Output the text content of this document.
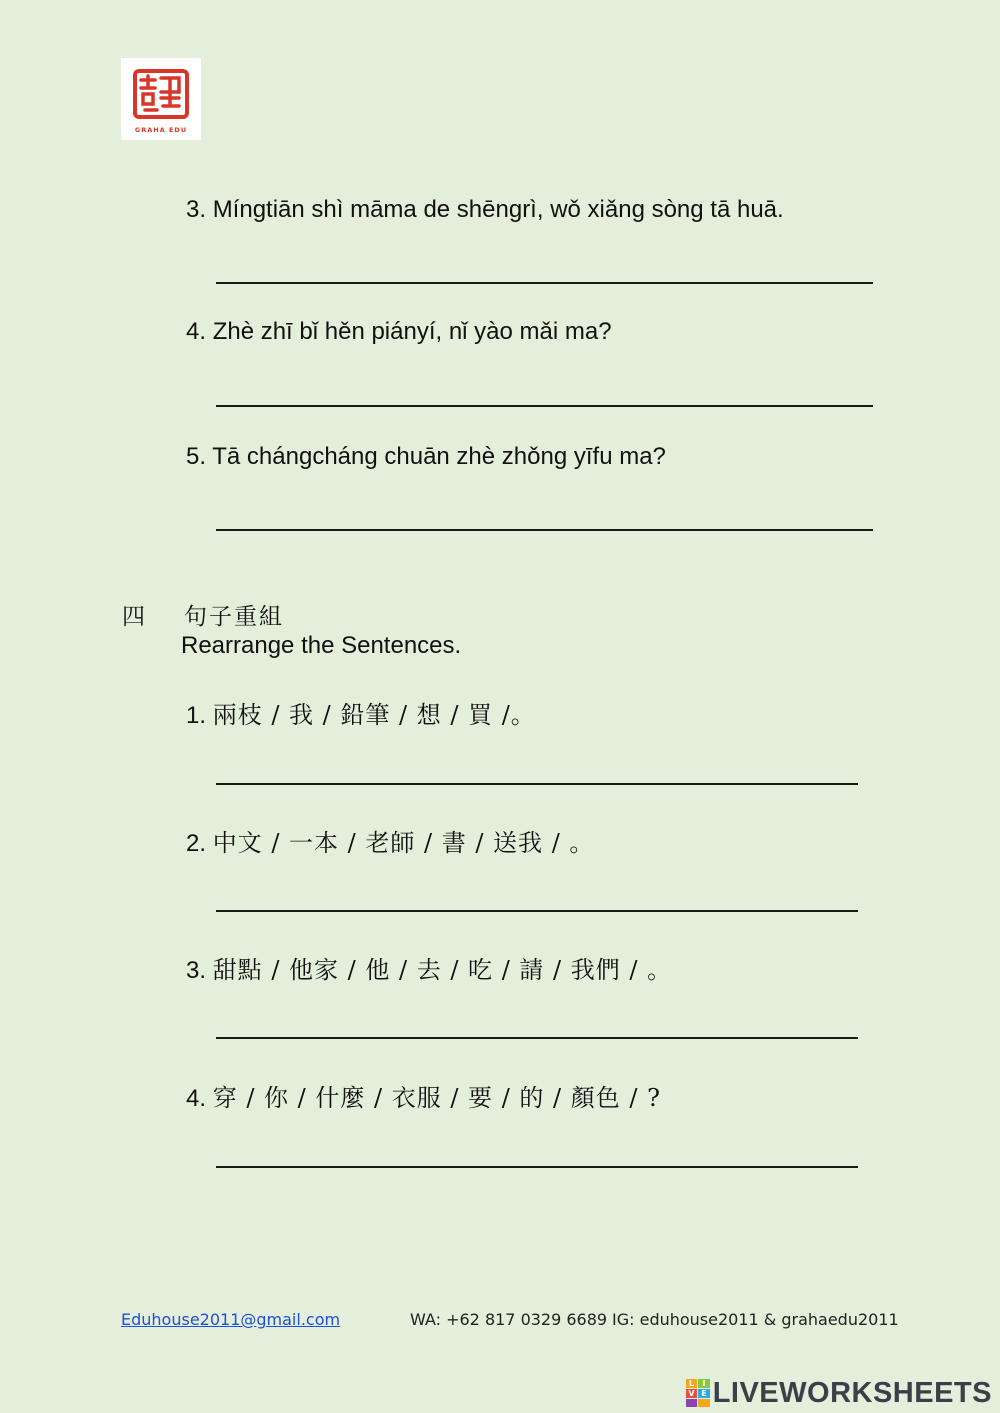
GRAHA EDU
3. Míngtiān shì māma de shēngrì, wǒ xiǎng sòng tā huā.
4. Zhè zhī bǐ hěn piányí, nǐ yào mǎi ma?
5. Tā chángcháng chuān zhè zhǒng yīfu ma?
四 句子重組
Rearrange the Sentences.
1. 兩枝 / 我 / 鉛筆 / 想 / 買 /。
2. 中文 / 一本 / 老師 / 書 / 送我 / 。
3. 甜點 / 他家 / 他 / 去 / 吃 / 請 / 我們 / 。
4. 穿 / 你 / 什麼 / 衣服 / 要 / 的 / 顏色 / ?
Eduhouse2011@gmail.com	WA: +62 817 0329 6689 IG: eduhouse2011 & grahaedu2011
L	I
V E LIVEWORKSHEETS
